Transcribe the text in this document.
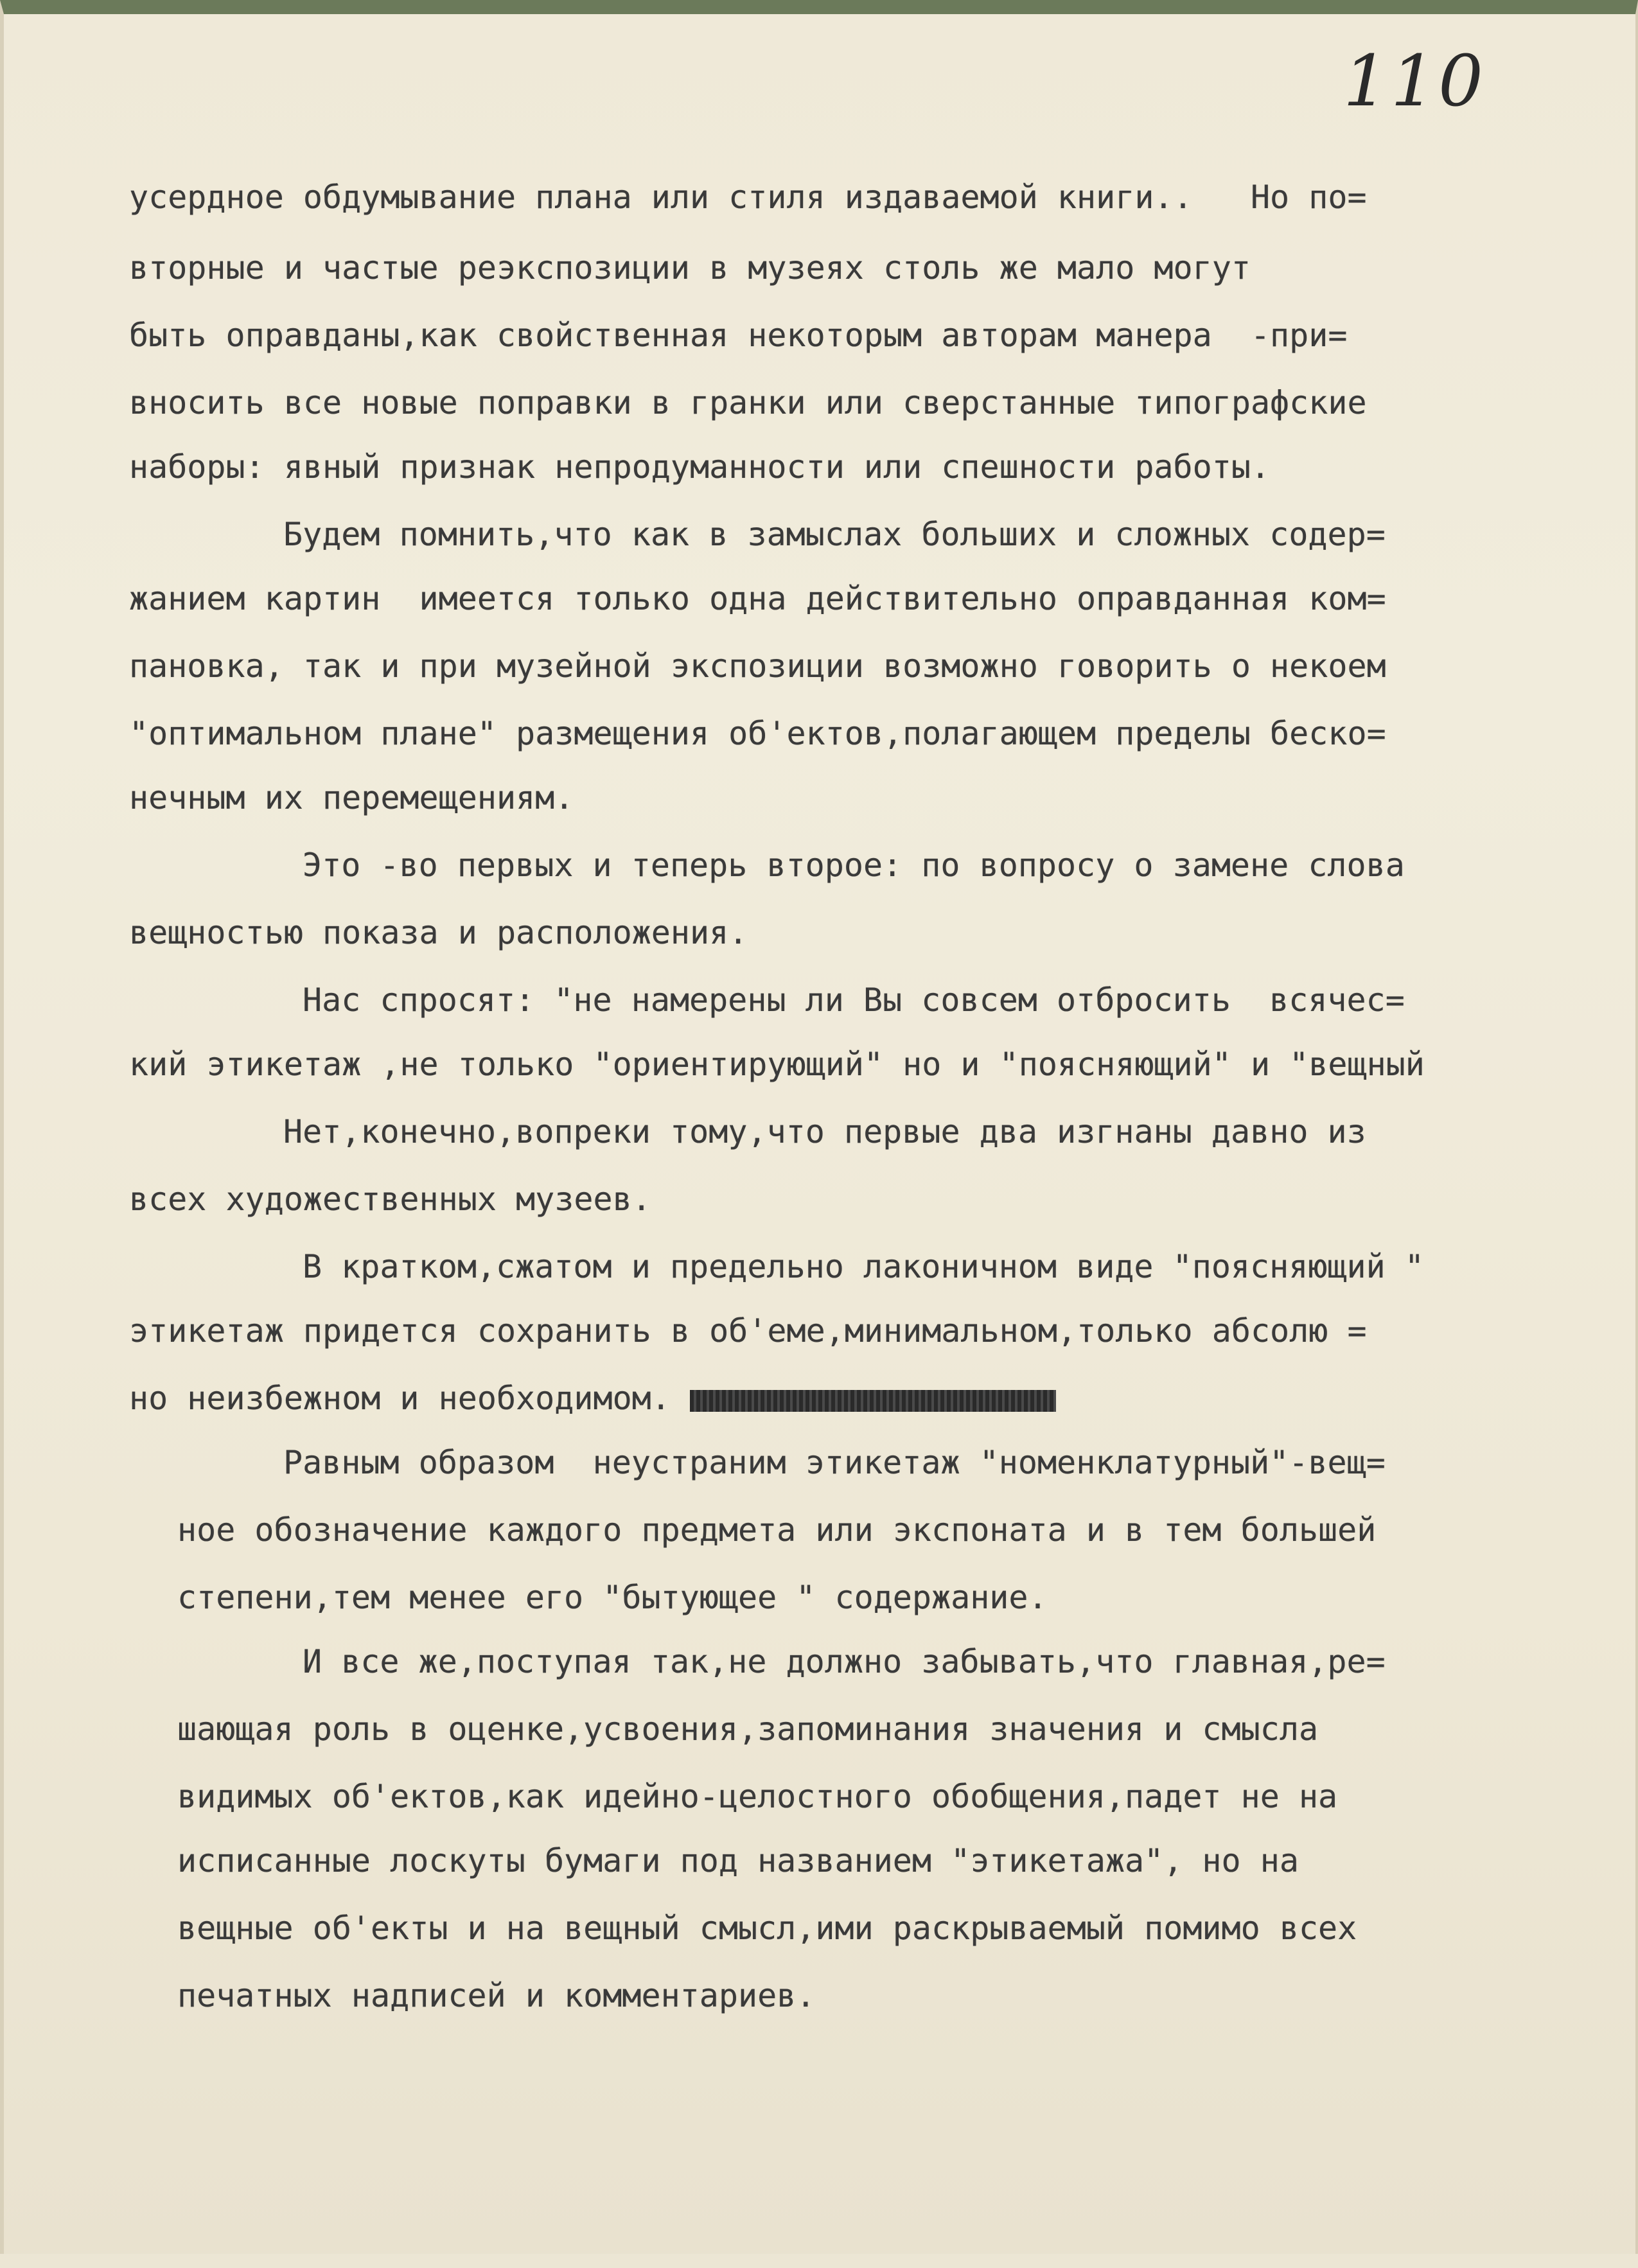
110
усердное обдумывание плана или стиля издаваемой книги..   Но по=
вторные и частые реэкспозиции в музеях столь же мало могут
быть оправданы,как свойственная некоторым авторам манера  -при=
вносить все новые поправки в гранки или сверстанные типографские
наборы: явный признак непродуманности или спешности работы.
Будем помнить,что как в замыслах больших и сложных содер=
жанием картин  имеется только одна действительно оправданная ком=
пановка, так и при музейной экспозиции возможно говорить о некоем
"оптимальном плане" размещения об'ектов,полагающем пределы беско=
нечным их перемещениям.
Это -во первых и теперь второе: по вопросу о замене слова
вещностью показа и расположения.
Нас спросят: "не намерены ли Вы совсем отбросить  всячес=
кий этикетаж ,не только "ориентирующий" но и "поясняющий" и "вещный
Нет,конечно,вопреки тому,что первые два изгнаны давно из
всех художественных музеев.
В кратком,сжатом и предельно лаконичном виде "поясняющий "
этикетаж придется сохранить в об'еме,минимальном,только абсолю =
но неизбежном и необходимом.
Равным образом  неустраним этикетаж "номенклатурный"-вещ=
ное обозначение каждого предмета или экспоната и в тем большей
степени,тем менее его "бытующее " содержание.
И все же,поступая так,не должно забывать,что главная,ре=
шающая роль в оценке,усвоения,запоминания значения и смысла
видимых об'ектов,как идейно-целостного обобщения,падет не на
исписанные лоскуты бумаги под названием "этикетажа", но на
вещные об'екты и на вещный смысл,ими раскрываемый помимо всех
печатных надписей и комментариев.
